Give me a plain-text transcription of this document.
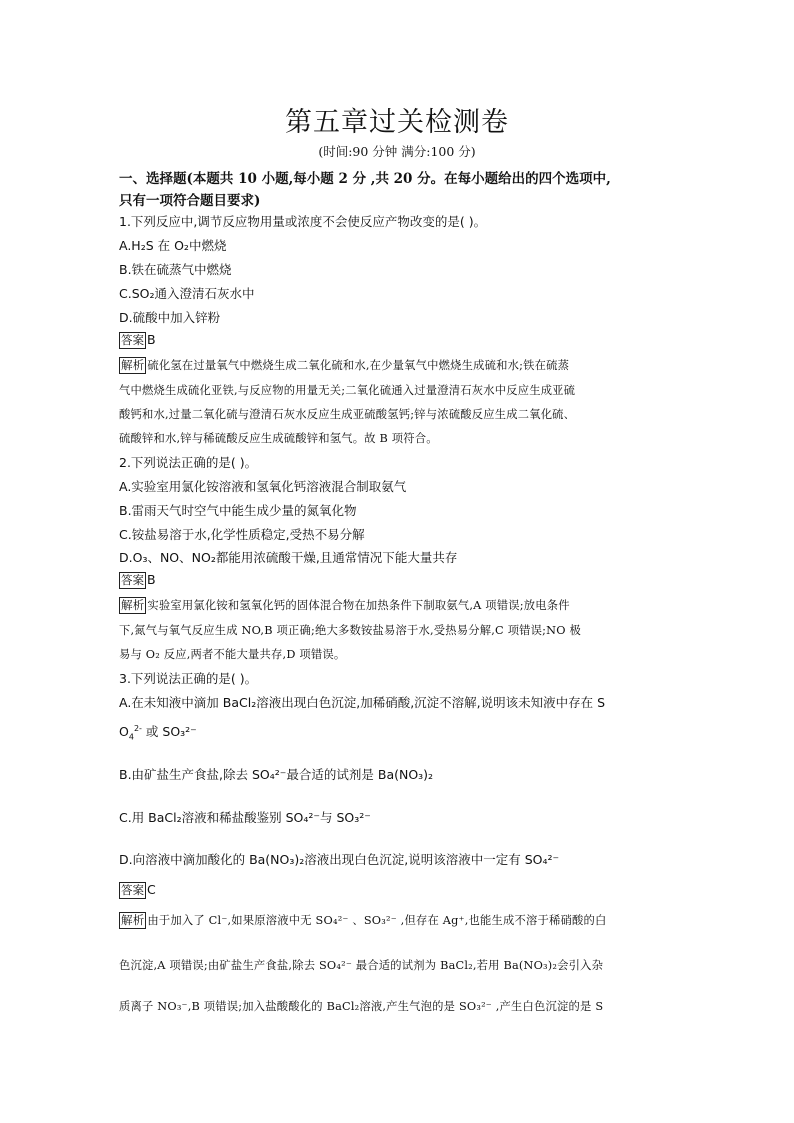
第五章过关检测卷
(时间:90 分钟 满分:100 分)
一、选择题(本题共 10 小题,每小题 2 分 ,共 20 分。在每小题给出的四个选项中,
只有一项符合题目要求)
1.下列反应中,调节反应物用量或浓度不会使反应产物改变的是( )。
A.H₂S 在 O₂中燃烧
B.铁在硫蒸气中燃烧
C.SO₂通入澄清石灰水中
D.硫酸中加入锌粉
答案 B
解析 硫化氢在过量氧气中燃烧生成二氧化硫和水,在少量氧气中燃烧生成硫和水;铁在硫蒸
气中燃烧生成硫化亚铁,与反应物的用量无关;二氧化硫通入过量澄清石灰水中反应生成亚硫
酸钙和水,过量二氧化硫与澄清石灰水反应生成亚硫酸氢钙;锌与浓硫酸反应生成二氧化硫、
硫酸锌和水,锌与稀硫酸反应生成硫酸锌和氢气。故 B 项符合。
2.下列说法正确的是( )。
A.实验室用氯化铵溶液和氢氧化钙溶液混合制取氨气
B.雷雨天气时空气中能生成少量的氮氧化物
C.铵盐易溶于水,化学性质稳定,受热不易分解
D.O₃、NO、NO₂都能用浓硫酸干燥,且通常情况下能大量共存
答案 B
解析 实验室用氯化铵和氢氧化钙的固体混合物在加热条件下制取氨气,A 项错误;放电条件
下,氮气与氧气反应生成 NO,B 项正确;绝大多数铵盐易溶于水,受热易分解,C 项错误;NO 极
易与 O₂ 反应,两者不能大量共存,D 项错误。
3.下列说法正确的是( )。
A.在未知液中滴加 BaCl₂溶液出现白色沉淀,加稀硝酸,沉淀不溶解,说明该未知液中存在 S
$O_4^{2-}$ 或 SO₃²⁻
B.由矿盐生产食盐,除去 SO₄²⁻最合适的试剂是 Ba(NO₃)₂
C.用 BaCl₂溶液和稀盐酸鉴别 SO₄²⁻与 SO₃²⁻
D.向溶液中滴加酸化的 Ba(NO₃)₂溶液出现白色沉淀,说明该溶液中一定有 SO₄²⁻
答案 C
解析 由于加入了 Cl⁻,如果原溶液中无 SO₄²⁻ 、SO₃²⁻ ,但存在 Ag⁺,也能生成不溶于稀硝酸的白
色沉淀,A 项错误;由矿盐生产食盐,除去 SO₄²⁻ 最合适的试剂为 BaCl₂,若用 Ba(NO₃)₂会引入杂
质离子 NO₃⁻,B 项错误;加入盐酸酸化的 BaCl₂溶液,产生气泡的是 SO₃²⁻ ,产生白色沉淀的是 S
